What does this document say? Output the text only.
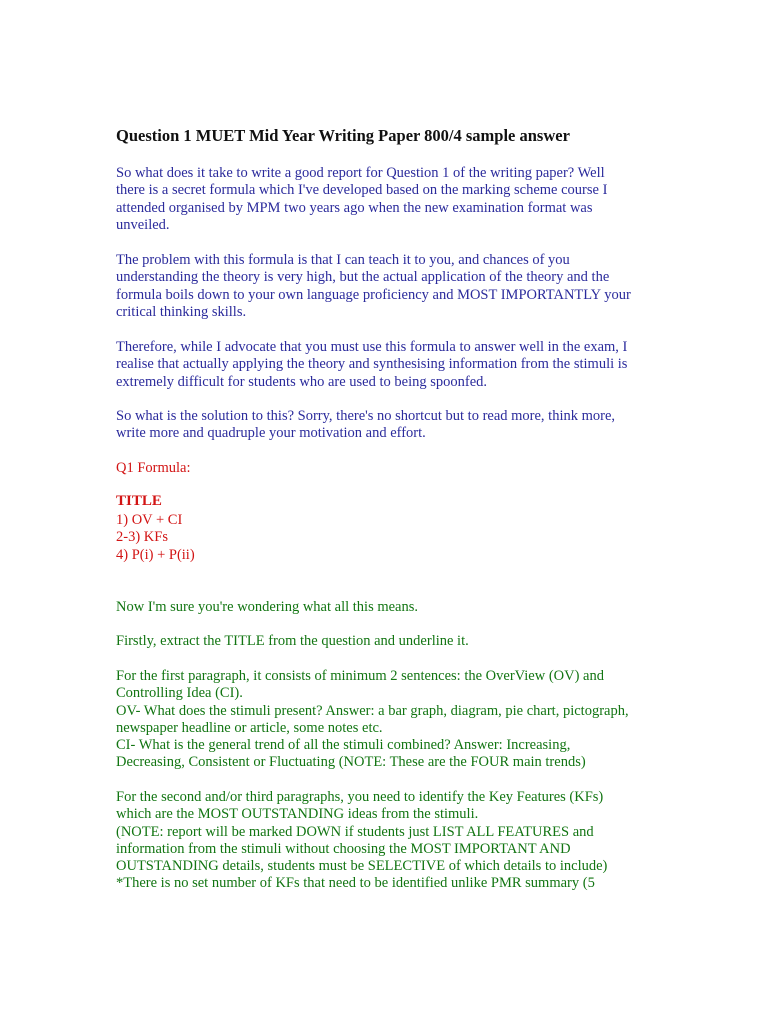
Question 1 MUET Mid Year Writing Paper 800/4 sample answer

So what does it take to write a good report for Question 1 of the writing paper? Well
there is a secret formula which I've developed based on the marking scheme course I
attended organised by MPM two years ago when the new examination format was
unveiled.

The problem with this formula is that I can teach it to you, and chances of you
understanding the theory is very high, but the actual application of the theory and the
formula boils down to your own language proficiency and MOST IMPORTANTLY your
critical thinking skills.

Therefore, while I advocate that you must use this formula to answer well in the exam, I
realise that actually applying the theory and synthesising information from the stimuli is
extremely difficult for students who are used to being spoonfed.

So what is the solution to this? Sorry, there's no shortcut but to read more, think more,
write more and quadruple your motivation and effort.

Q1 Formula:

TITLE

1) OV + CI
2-3) KFs
4) P(i) + P(ii)

Now I'm sure you're wondering what all this means.

Firstly, extract the TITLE from the question and underline it.

For the first paragraph, it consists of minimum 2 sentences: the OverView (OV) and
Controlling Idea (CI).
OV- What does the stimuli present? Answer: a bar graph, diagram, pie chart, pictograph,
newspaper headline or article, some notes etc.
CI- What is the general trend of all the stimuli combined? Answer: Increasing,
Decreasing, Consistent or Fluctuating (NOTE: These are the FOUR main trends)

For the second and/or third paragraphs, you need to identify the Key Features (KFs)
which are the MOST OUTSTANDING ideas from the stimuli.
(NOTE: report will be marked DOWN if students just LIST ALL FEATURES and
information from the stimuli without choosing the MOST IMPORTANT AND
OUTSTANDING details, students must be SELECTIVE of which details to include)
*There is no set number of KFs that need to be identified unlike PMR summary (5
